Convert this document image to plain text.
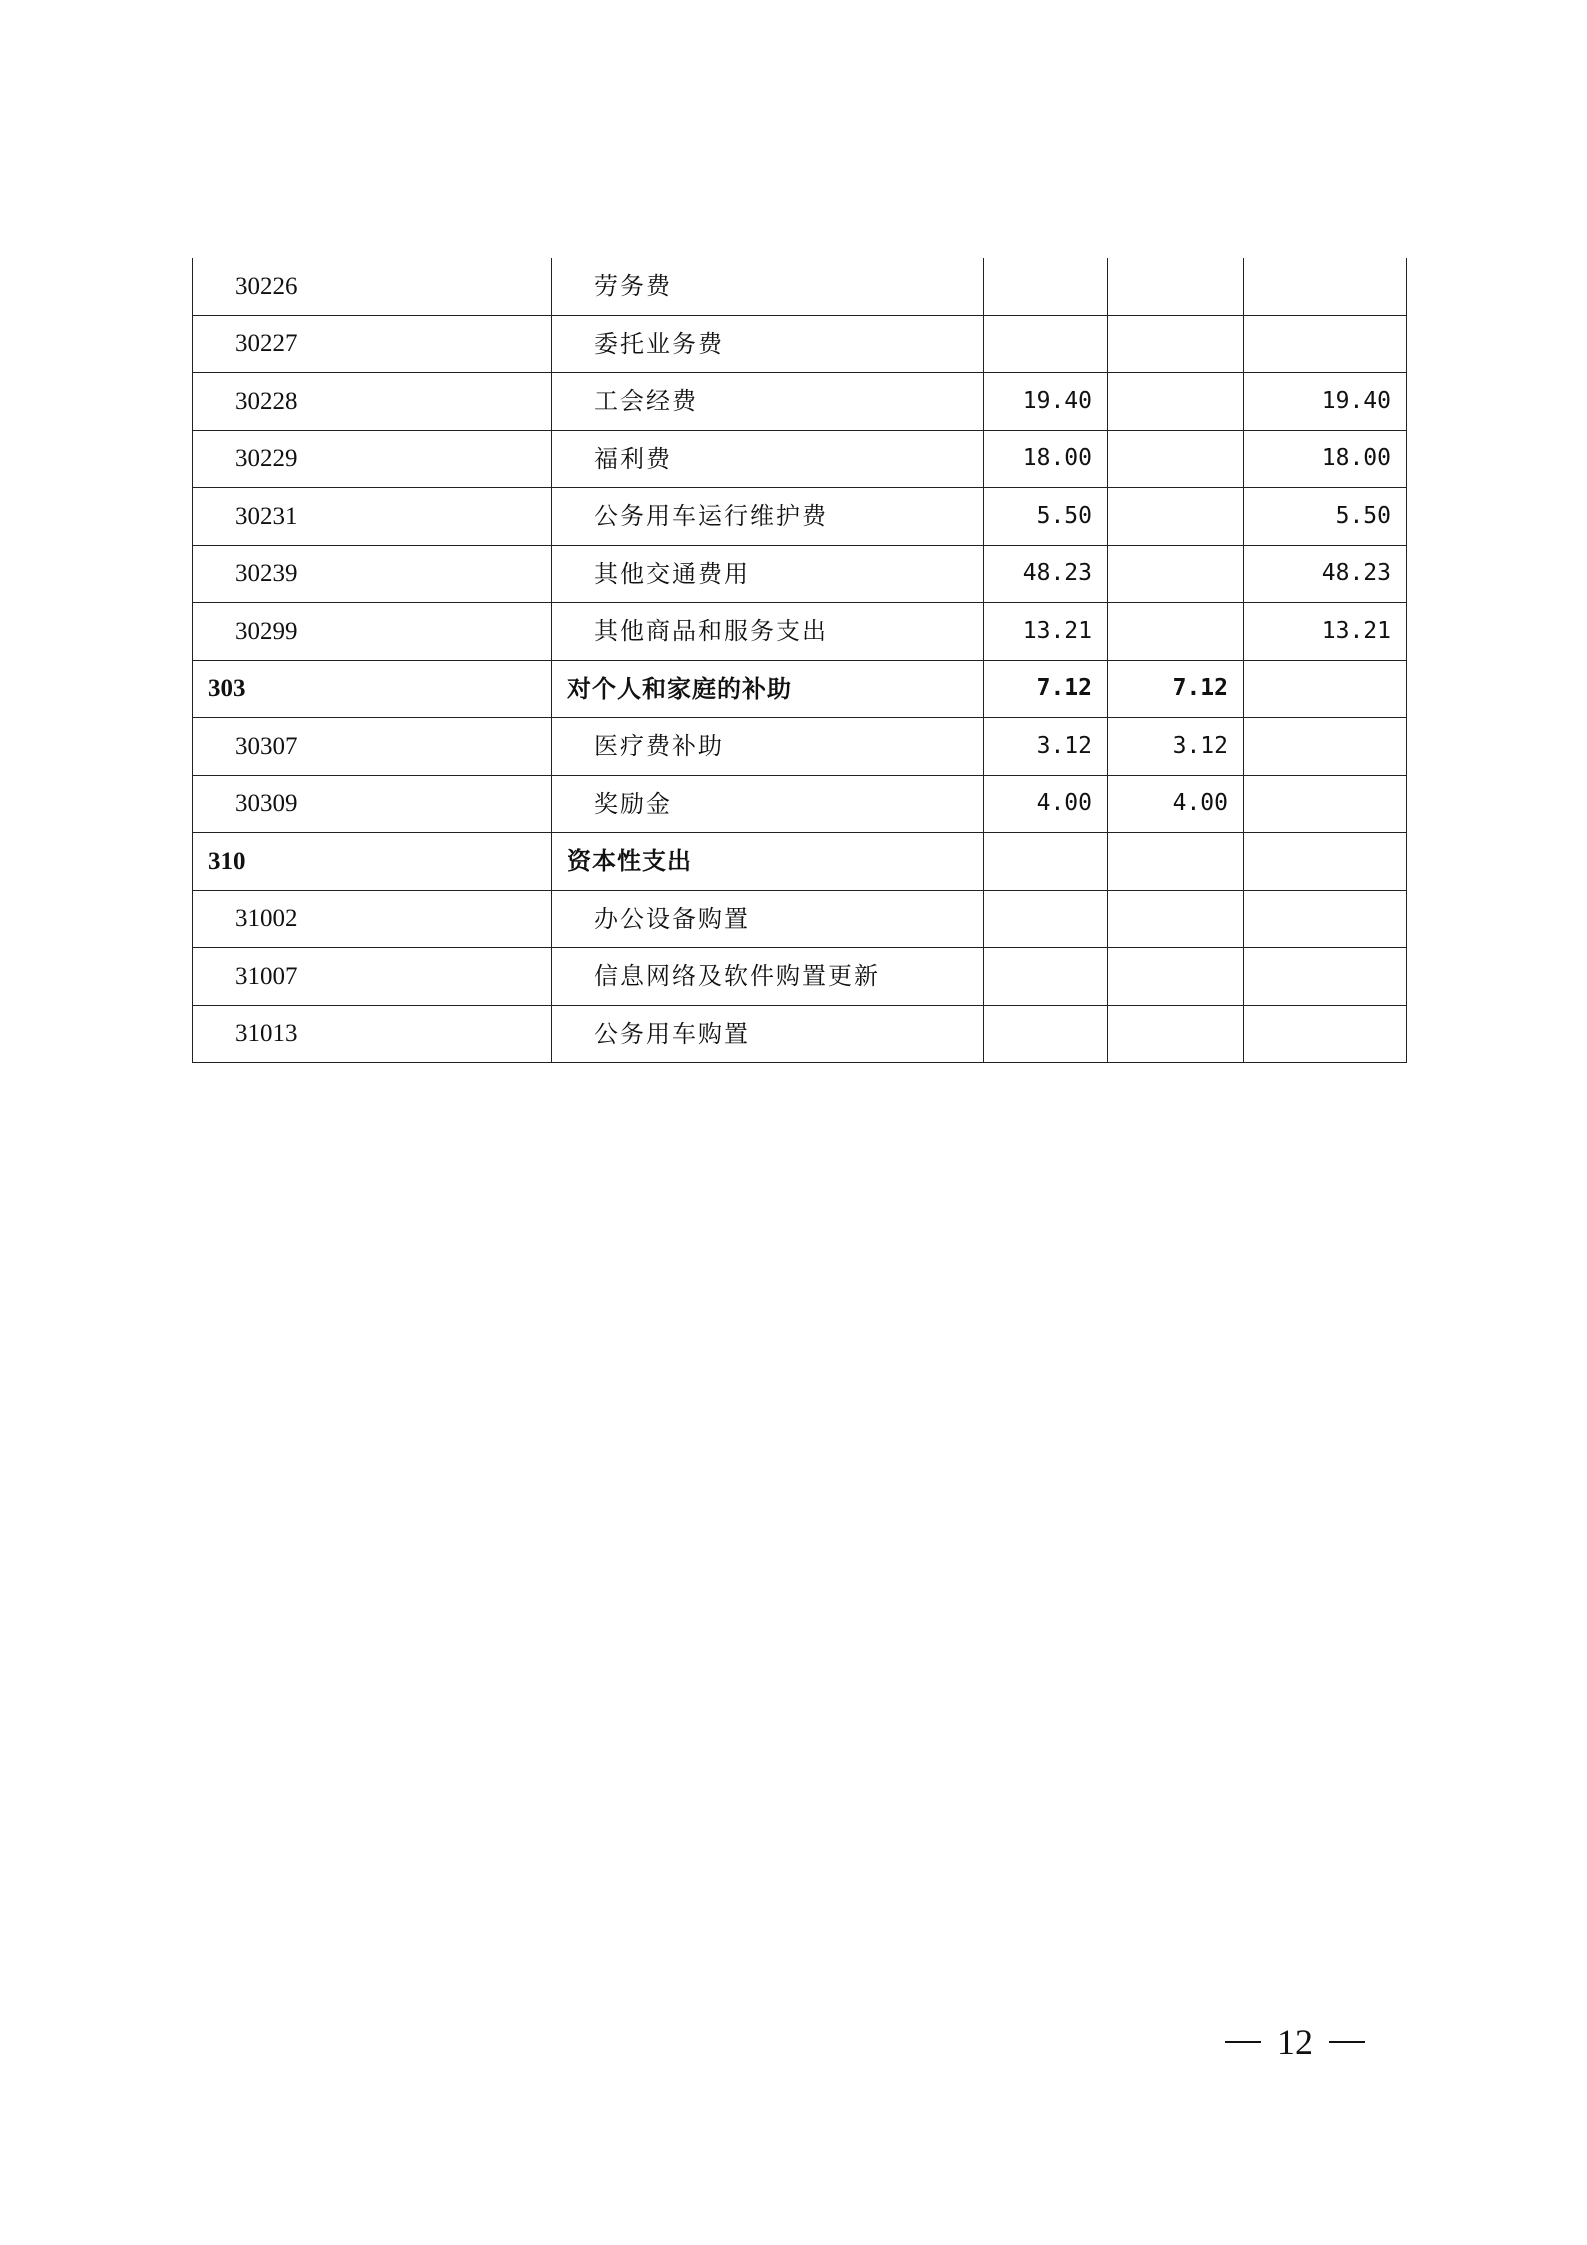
30226	劳务费			
30227	委托业务费			
30228	工会经费	19.40		19.40
30229	福利费	18.00		18.00
30231	公务用车运行维护费	5.50		5.50
30239	其他交通费用	48.23		48.23
30299	其他商品和服务支出	13.21		13.21
303	对个人和家庭的补助	7.12	7.12	
30307	医疗费补助	3.12	3.12	
30309	奖励金	4.00	4.00	
310	资本性支出			
31002	办公设备购置			
31007	信息网络及软件购置更新			
31013	公务用车购置			
12
